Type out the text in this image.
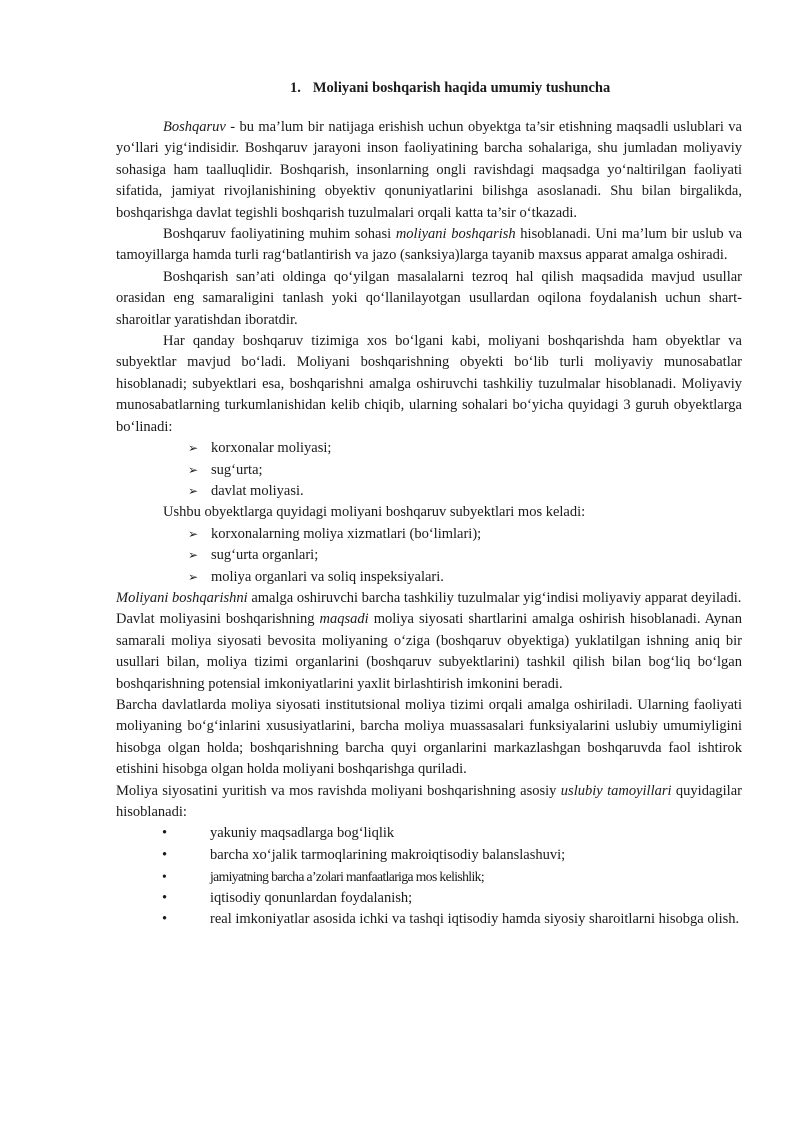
1. Moliyani boshqarish haqida umumiy tushuncha

Boshqaruv - bu ma’lum bir natijaga erishish uchun obyektga ta’sir etishning maqsadli uslublari va yo‘llari yig‘indisidir. Boshqaruv jarayoni inson faoliyatining barcha sohalariga, shu jumladan moliyaviy sohasiga ham taalluqlidir. Boshqarish, insonlarning ongli ravishdagi maqsadga yo‘naltirilgan faoliyati sifatida, jamiyat rivojlanishining obyektiv qonuniyatlarini bilishga asoslanadi. Shu bilan birgalikda, boshqarishga davlat tegishli boshqarish tuzulmalari orqali katta ta’sir o‘tkazadi.

Boshqaruv faoliyatining muhim sohasi moliyani boshqarish hisoblanadi. Uni ma’lum bir uslub va tamoyillarga hamda turli rag‘batlantirish va jazo (sanksiya)larga tayanib maxsus apparat amalga oshiradi.

Boshqarish san’ati oldinga qo‘yilgan masalalarni tezroq hal qilish maqsadida mavjud usullar orasidan eng samaraligini tanlash yoki qo‘llanilayotgan usullardan oqilona foydalanish uchun shart-sharoitlar yaratishdan iboratdir.

Har qanday boshqaruv tizimiga xos bo‘lgani kabi, moliyani boshqarishda ham obyektlar va subyektlar mavjud bo‘ladi. Moliyani boshqarishning obyekti bo‘lib turli moliyaviy munosabatlar hisoblanadi; subyektlari esa, boshqarishni amalga oshiruvchi tashkiliy tuzulmalar hisoblanadi. Moliyaviy munosabatlarning turkumlanishidan kelib chiqib, ularning sohalari bo‘yicha quyidagi 3 guruh obyektlarga bo‘linadi:

➢ korxonalar moliyasi;
➢ sug‘urta;
➢ davlat moliyasi.

Ushbu obyektlarga quyidagi moliyani boshqaruv subyektlari mos keladi:

➢ korxonalarning moliya xizmatlari (bo‘limlari);
➢ sug‘urta organlari;
➢ moliya organlari va soliq inspeksiyalari.

Moliyani boshqarishni amalga oshiruvchi barcha tashkiliy tuzulmalar yig‘indisi moliyaviy apparat deyiladi.

Davlat moliyasini boshqarishning maqsadi moliya siyosati shartlarini amalga oshirish hisoblanadi. Aynan samarali moliya siyosati bevosita moliyaning o‘ziga (boshqaruv obyektiga) yuklatilgan ishning aniq bir usullari bilan, moliya tizimi organlarini (boshqaruv subyektlarini) tashkil qilish bilan bog‘liq bo‘lgan boshqarishning potensial imkoniyatlarini yaxlit birlashtirish imkonini beradi.

Barcha davlatlarda moliya siyosati institutsional moliya tizimi orqali amalga oshiriladi. Ularning faoliyati moliyaning bo‘g‘inlarini xususiyatlarini, barcha moliya muassasalari funksiyalarini uslubiy umumiyligini hisobga olgan holda; boshqarishning barcha quyi organlarini markazlashgan boshqaruvda faol ishtirok etishini hisobga olgan holda moliyani boshqarishga quriladi.

Moliya siyosatini yuritish va mos ravishda moliyani boshqarishning asosiy uslubiy tamoyillari quyidagilar hisoblanadi:

•	yakuniy maqsadlarga bog‘liqlik
•	barcha xo‘jalik tarmoqlarining makroiqtisodiy balanslashuvi;
•	jamiyatning barcha a’zolari manfaatlariga mos kelishlik;
•	iqtisodiy qonunlardan foydalanish;
•	real imkoniyatlar asosida ichki va tashqi iqtisodiy hamda siyosiy sharoitlarni hisobga olish.
